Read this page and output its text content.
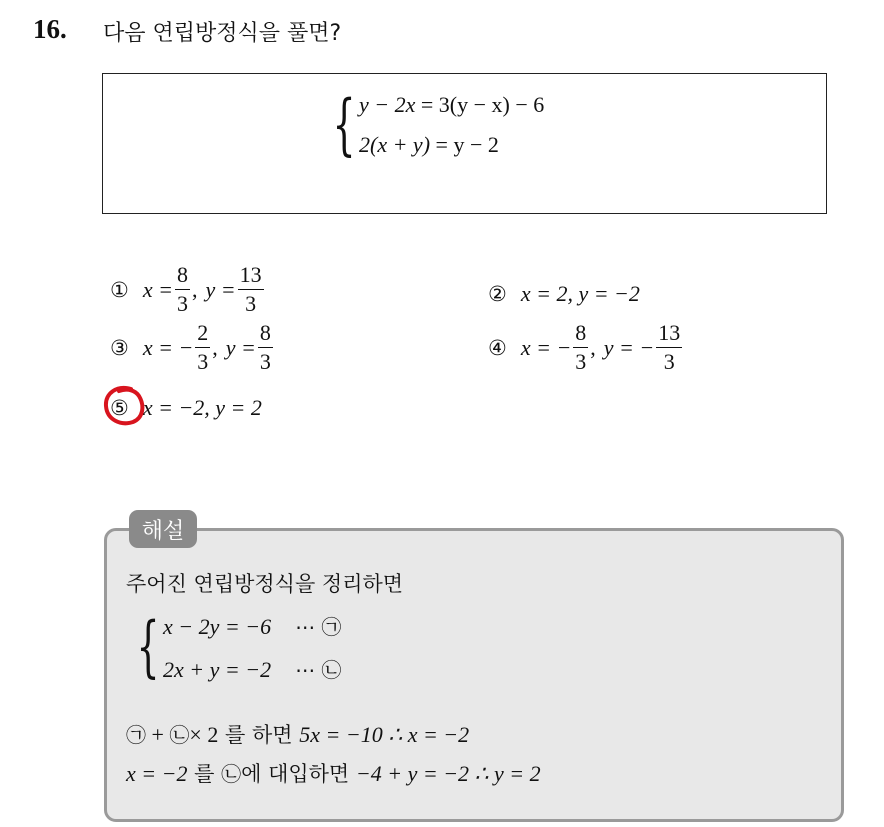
16. 다음 연립방정식을 풀면?
{ y − 2x = 3(y − x) − 6
2(x + y) = y − 2
① $x = \frac{8}{3}$ , $y = \frac{13}{3}$	② x = 2, y = −2
③ x = − $\frac{2}{3}$ , $y = \frac{8}{3}$	④ x = − $\frac{8}{3}$ , y = − $\frac{13}{3}$
⑤ x = −2, y = 2
해설
주어진 연립방정식을 정리하면
{ x − 2y = −6 ⋯ ㉠
2x + y = −2 ⋯ ㉡
㉠ + ㉡× 2 를 하면 5x = −10 ∴ x = −2
x = −2 를 ㉡에 대입하면 −4 + y = −2 ∴ y = 2
